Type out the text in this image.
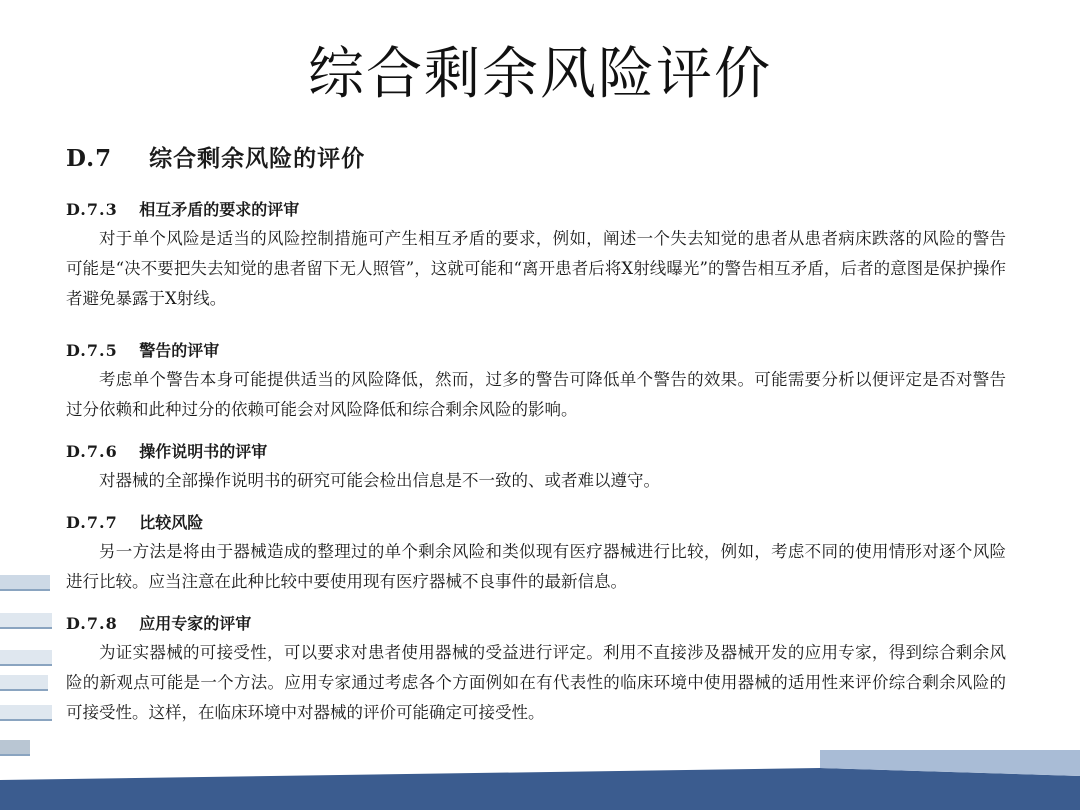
综合剩余风险评价
D.7 综合剩余风险的评价
D.7.3 相互矛盾的要求的评审

对于单个风险是适当的风险控制措施可产生相互矛盾的要求，例如，阐述一个失去知觉的患者从患者病床跌落的风险的警告可能是“决不要把失去知觉的患者留下无人照管”，这就可能和“离开患者后将X射线曝光”的警告相互矛盾，后者的意图是保护操作者避免暴露于X射线。

D.7.5 警告的评审

考虑单个警告本身可能提供适当的风险降低，然而，过多的警告可降低单个警告的效果。可能需要分析以便评定是否对警告过分依赖和此种过分的依赖可能会对风险降低和综合剩余风险的影响。

D.7.6 操作说明书的评审

对器械的全部操作说明书的研究可能会检出信息是不一致的、或者难以遵守。

D.7.7 比较风险

另一方法是将由于器械造成的整理过的单个剩余风险和类似现有医疗器械进行比较，例如，考虑不同的使用情形对逐个风险进行比较。应当注意在此种比较中要使用现有医疗器械不良事件的最新信息。

D.7.8 应用专家的评审

为证实器械的可接受性，可以要求对患者使用器械的受益进行评定。利用不直接涉及器械开发的应用专家，得到综合剩余风险的新观点可能是一个方法。应用专家通过考虑各个方面例如在有代表性的临床环境中使用器械的适用性来评价综合剩余风险的可接受性。这样，在临床环境中对器械的评价可能确定可接受性。
